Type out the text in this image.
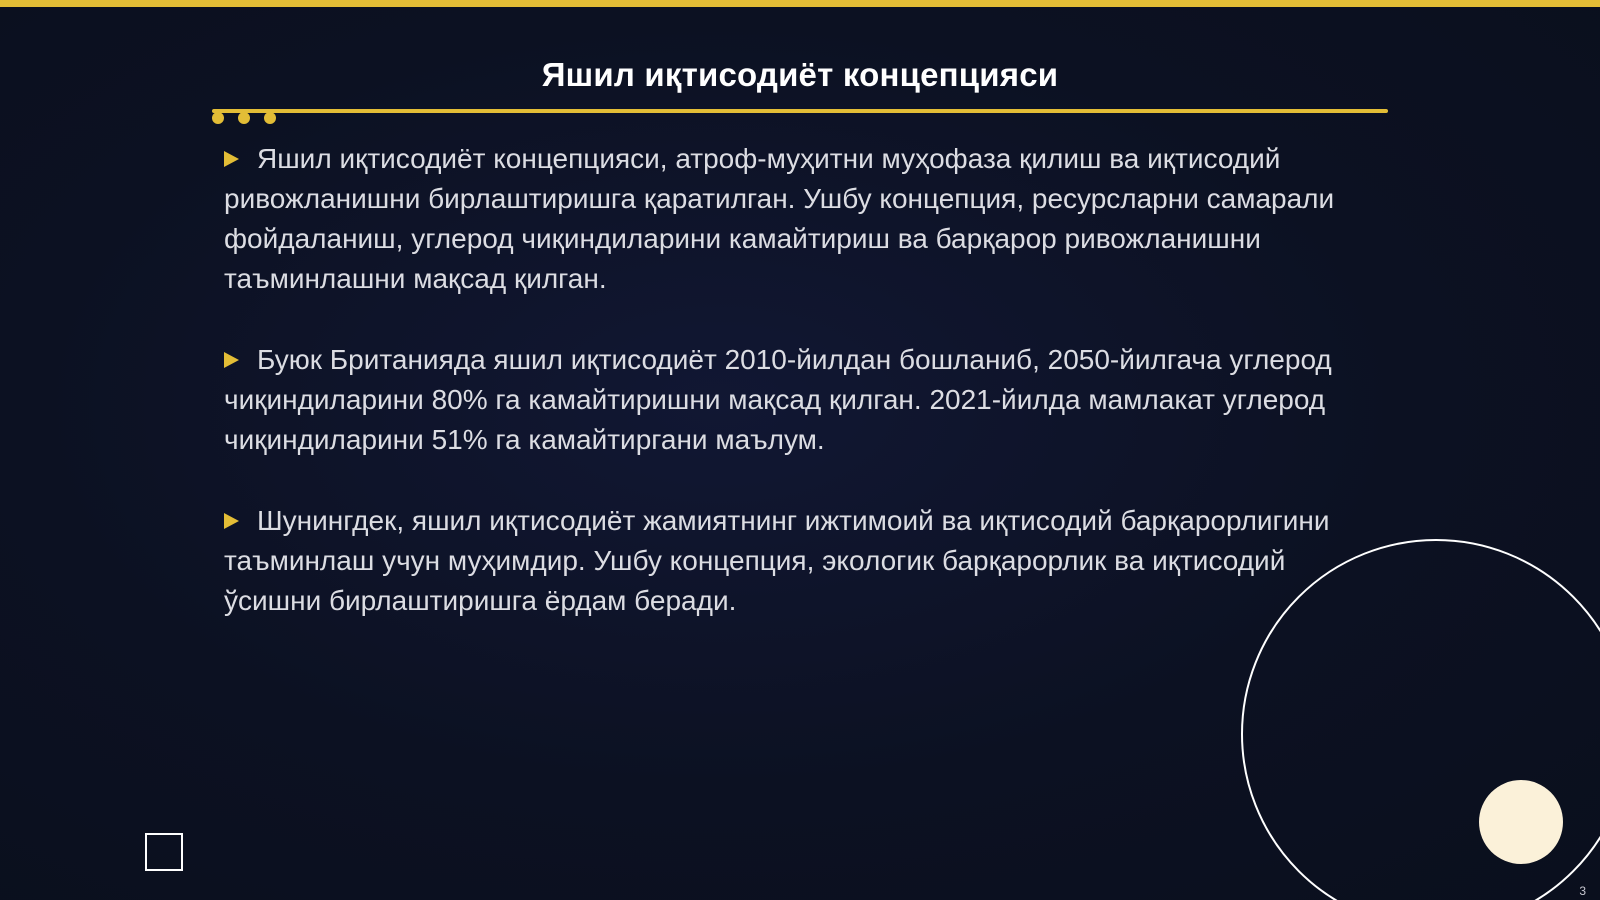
Яшил иқтисодиёт концепцияси

Яшил иқтисодиёт концепцияси, атроф-муҳитни муҳофаза қилиш ва иқтисодий ривожланишни бирлаштиришга қаратилган. Ушбу концепция, ресурсларни самарали фойдаланиш, углерод чиқиндиларини камайтириш ва барқарор ривожланишни таъминлашни мақсад қилган.

Буюк Британияда яшил иқтисодиёт 2010-йилдан бошланиб, 2050-йилгача углерод чиқиндиларини 80% га камайтиришни мақсад қилган. 2021-йилда мамлакат углерод чиқиндиларини 51% га камайтиргани маълум.

Шунингдек, яшил иқтисодиёт жамиятнинг ижтимоий ва иқтисодий барқарорлигини таъминлаш учун муҳимдир. Ушбу концепция, экологик барқарорлик ва иқтисодий ўсишни бирлаштиришга ёрдам беради.

3
